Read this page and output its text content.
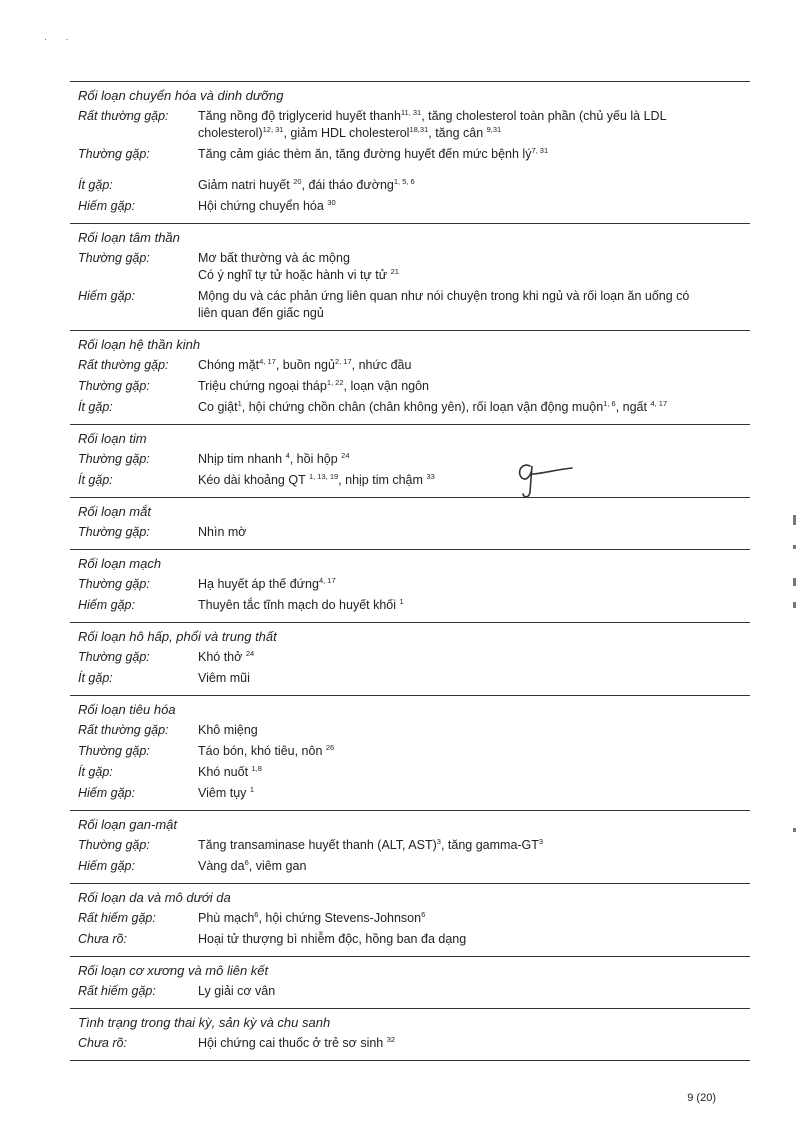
· ·
Rối loạn chuyển hóa và dinh dưỡng
Rất thường gặp:	Tăng nồng độ triglycerid huyết thanh$^{11, 31}$, tăng cholesterol toàn phần (chủ yếu là LDL
cholesterol)$^{12, 31}$, giảm HDL cholesterol$^{18,31}$, tăng cân $^{9,31}$
Thường gặp:	Tăng cảm giác thèm ăn, tăng đường huyết đến mức bệnh lý$^{7, 31}$
Ít gặp:	Giảm natri huyết $^{20}$, đái tháo đường$^{1, 5, 6}$
Hiếm gặp:	Hội chứng chuyển hóa $^{30}$
Rối loạn tâm thần
Thường gặp:	Mơ bất thường và ác mộng
Có ý nghĩ tự tử hoặc hành vi tự tử $^{21}$
Hiếm gặp:	Mộng du và các phản ứng liên quan như nói chuyện trong khi ngủ và rối loạn ăn uống có
liên quan đến giấc ngủ
Rối loạn hệ thần kinh
Rất thường gặp:	Chóng mặt$^{4, 17}$, buồn ngủ$^{2, 17}$, nhức đầu
Thường gặp:	Triệu chứng ngoại tháp$^{1, 22}$, loạn vận ngôn
Ít gặp:	Co giật$^1$, hội chứng chồn chân (chân không yên), rối loạn vận động muộn$^{1, 6}$, ngất $^{4, 17}$
Rối loạn tim
Thường gặp:	Nhịp tim nhanh $^4$, hồi hộp $^{24}$
Ít gặp:	Kéo dài khoảng QT $^{1, 13, 19}$, nhịp tim chậm $^{33}$
Rối loạn mắt
Thường gặp:	Nhìn mờ
Rối loạn mạch
Thường gặp:	Hạ huyết áp thế đứng$^{4, 17}$
Hiếm gặp:	Thuyên tắc tĩnh mạch do huyết khối $^1$
Rối loạn hô hấp, phổi và trung thất
Thường gặp:	Khó thở $^{24}$
Ít gặp:	Viêm mũi
Rối loạn tiêu hóa
Rất thường gặp:	Khô miệng
Thường gặp:	Táo bón, khó tiêu, nôn $^{26}$
Ít gặp:	Khó nuốt $^{1,8}$
Hiếm gặp:	Viêm tụy $^1$
Rối loạn gan-mật
Thường gặp:	Tăng transaminase huyết thanh (ALT, AST)$^3$, tăng gamma-$GT^3$
Hiếm gặp:	Vàng $da^6$, viêm gan
Rối loạn da và mô dưới da
Rất hiếm gặp:	Phù mạch$^6$, hội chứng Stevens-Johnson$^6$
Chưa rõ:	Hoại tử thượng bì nhiễm độc, hồng ban đa dạng
Rối loạn cơ xương và mô liên kết
Rất hiếm gặp:	Ly giải cơ vân
Tình trạng trong thai kỳ, sản kỳ và chu sanh
Chưa rõ:	Hội chứng cai thuốc ở trẻ sơ sinh $^{32}$
9 (20)
